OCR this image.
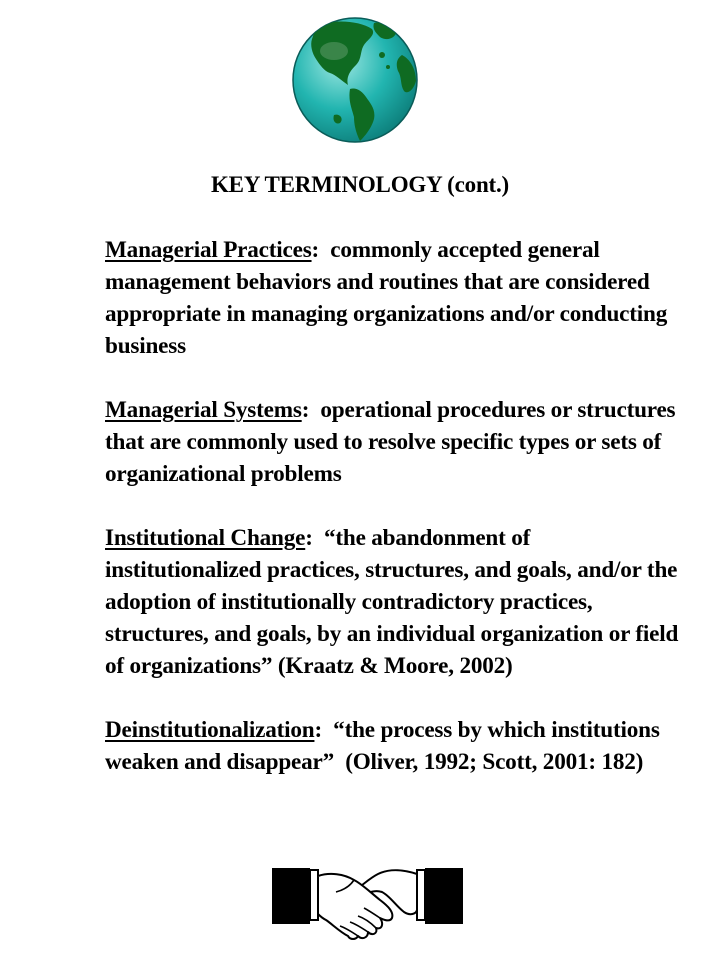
KEY TERMINOLOGY (cont.)

Managerial Practices:  commonly accepted general management behaviors and routines that are considered appropriate in managing organizations and/or conducting business

Managerial Systems:  operational procedures or structures that are commonly used to resolve specific types or sets of organizational problems

Institutional Change:  “the abandonment of institutionalized practices, structures, and goals, and/or the adoption of institutionally contradictory practices, structures, and goals, by an individual organization or field of organizations” (Kraatz & Moore, 2002)

Deinstitutionalization:  “the process by which institutions weaken and disappear”  (Oliver, 1992; Scott, 2001: 182)
